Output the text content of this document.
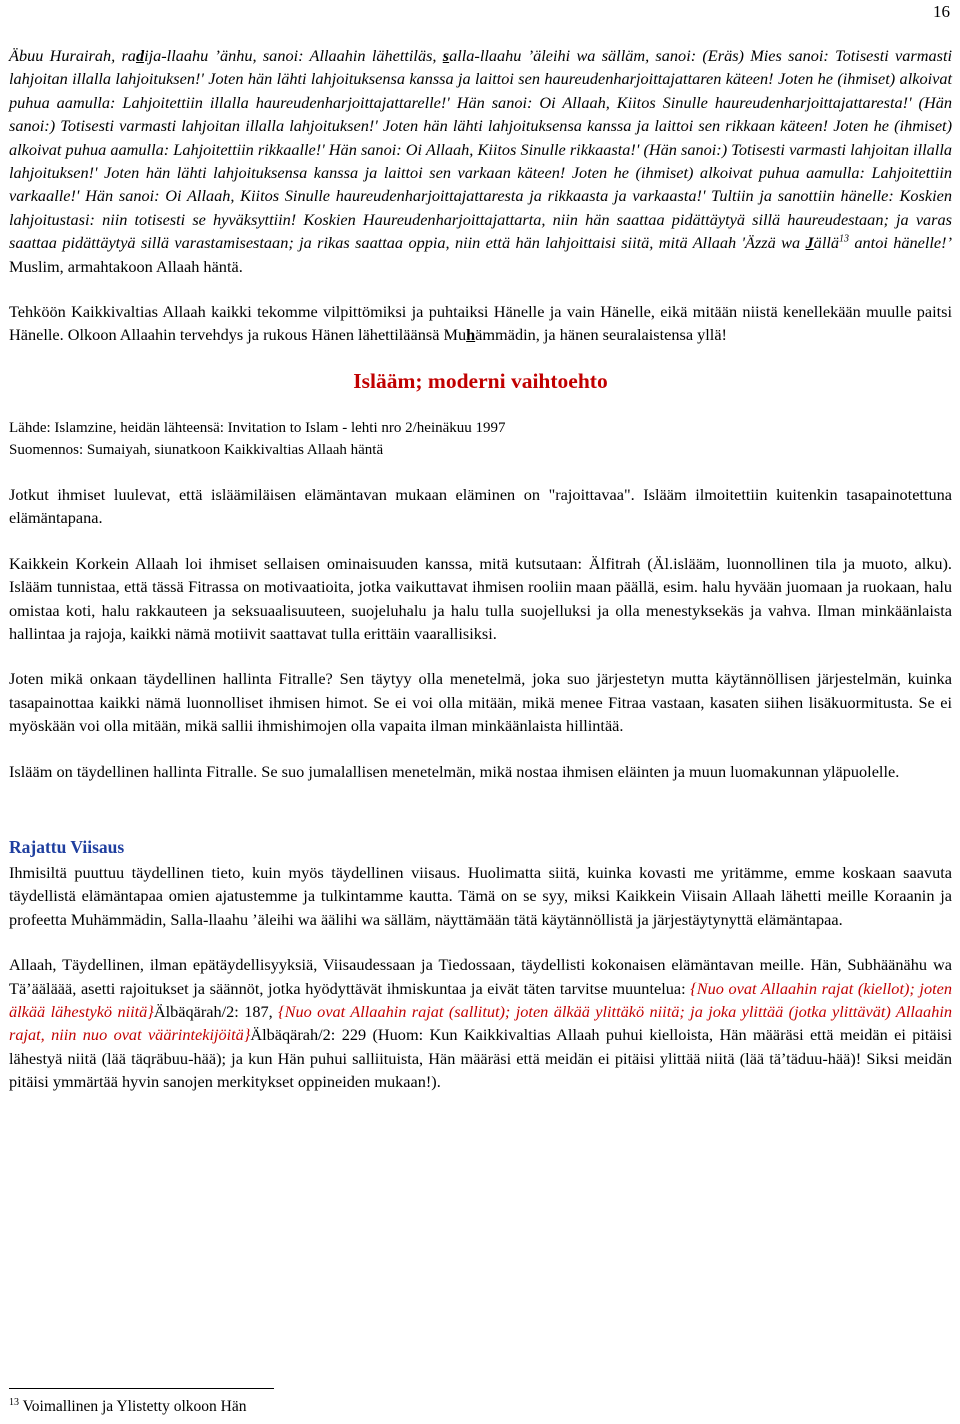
16

Äbuu Hurairah, radija-llaahu ’änhu, sanoi: Allaahin lähettiläs, salla-llaahu ’äleihi wa sälläm, sanoi: (Eräs) Mies sanoi: Totisesti varmasti lahjoitan illalla lahjoituksen!' Joten hän lähti lahjoituksensa kanssa ja laittoi sen haureudenharjoittajattaren käteen! Joten he (ihmiset) alkoivat puhua aamulla: Lahjoitettiin illalla haureudenharjoittajattarelle!' Hän sanoi: Oi Allaah, Kiitos Sinulle haureudenharjoittajattaresta!' (Hän sanoi:) Totisesti varmasti lahjoitan illalla lahjoituksen!' Joten hän lähti lahjoituksensa kanssa ja laittoi sen rikkaan käteen! Joten he (ihmiset) alkoivat puhua aamulla: Lahjoitettiin rikkaalle!' Hän sanoi: Oi Allaah, Kiitos Sinulle rikkaasta!' (Hän sanoi:) Totisesti varmasti lahjoitan illalla lahjoituksen!' Joten hän lähti lahjoituksensa kanssa ja laittoi sen varkaan käteen! Joten he (ihmiset) alkoivat puhua aamulla: Lahjoitettiin varkaalle!' Hän sanoi: Oi Allaah, Kiitos Sinulle haureudenharjoittajattaresta ja rikkaasta ja varkaasta!' Tultiin ja sanottiin hänelle: Koskien lahjoitustasi: niin totisesti se hyväksyttiin! Koskien Haureudenharjoittajattarta, niin hän saattaa pidättäytyä sillä haureudestaan; ja varas saattaa pidättäytyä sillä varastamisestaan; ja rikas saattaa oppia, niin että hän lahjoittaisi siitä, mitä Allaah 'Äzzä wa Jällä$^{13}$ antoi hänelle!’ Muslim, armahtakoon Allaah häntä.

Tehköön Kaikkivaltias Allaah kaikki tekomme vilpittömiksi ja puhtaiksi Hänelle ja vain Hänelle, eikä mitään niistä kenellekään muulle paitsi Hänelle. Olkoon Allaahin tervehdys ja rukous Hänen lähettiläänsä Muhämmädin, ja hänen seuralaistensa yllä!

Islääm; moderni vaihtoehto
Lähde: Islamzine, heidän lähteensä: Invitation to Islam - lehti nro 2/heinäkuu 1997
Suomennos: Sumaiyah, siunatkoon Kaikkivaltias Allaah häntä

Jotkut ihmiset luulevat, että isläämiläisen elämäntavan mukaan eläminen on "rajoittavaa". Islääm ilmoitettiin kuitenkin tasapainotettuna elämäntapana.

Kaikkein Korkein Allaah loi ihmiset sellaisen ominaisuuden kanssa, mitä kutsutaan: Älfitrah (Äl.islääm, luonnollinen tila ja muoto, alku). Islääm tunnistaa, että tässä Fitrassa on motivaatioita, jotka vaikuttavat ihmisen rooliin maan päällä, esim. halu hyvään juomaan ja ruokaan, halu omistaa koti, halu rakkauteen ja seksuaalisuuteen, suojeluhalu ja halu tulla suojelluksi ja olla menestyksekäs ja vahva. Ilman minkäänlaista hallintaa ja rajoja, kaikki nämä motiivit saattavat tulla erittäin vaarallisiksi.

Joten mikä onkaan täydellinen hallinta Fitralle? Sen täytyy olla menetelmä, joka suo järjestetyn mutta käytännöllisen järjestelmän, kuinka tasapainottaa kaikki nämä luonnolliset ihmisen himot. Se ei voi olla mitään, mikä menee Fitraa vastaan, kasaten siihen lisäkuormitusta. Se ei myöskään voi olla mitään, mikä sallii ihmishimojen olla vapaita ilman minkäänlaista hillintää.

Islääm on täydellinen hallinta Fitralle. Se suo jumalallisen menetelmän, mikä nostaa ihmisen eläinten ja muun luomakunnan yläpuolelle.

Rajattu Viisaus

Ihmisiltä puuttuu täydellinen tieto, kuin myös täydellinen viisaus. Huolimatta siitä, kuinka kovasti me yritämme, emme koskaan saavuta täydellistä elämäntapaa omien ajatustemme ja tulkintamme kautta. Tämä on se syy, miksi Kaikkein Viisain Allaah lähetti meille Koraanin ja profeetta Muhämmädin, Salla-llaahu ’äleihi wa äälihi wa sälläm, näyttämään tätä käytännöllistä ja järjestäytynyttä elämäntapaa.

Allaah, Täydellinen, ilman epätäydellisyyksiä, Viisaudessaan ja Tiedossaan, täydellisti kokonaisen elämäntavan meille. Hän, Subhäänähu wa Tä’ääläää, asetti rajoitukset ja säännöt, jotka hyödyttävät ihmiskuntaa ja eivät täten tarvitse muuntelua: {Nuo ovat Allaahin rajat (kiellot); joten älkää lähestykö niitä}Älbäqärah/2: 187, {Nuo ovat Allaahin rajat (sallitut); joten älkää ylittäkö niitä; ja joka ylittää (jotka ylittävät) Allaahin rajat, niin nuo ovat väärintekijöitä}Älbäqärah/2: 229 (Huom: Kun Kaikkivaltias Allaah puhui kielloista, Hän määräsi että meidän ei pitäisi lähestyä niitä (lää täqräbuu-hää); ja kun Hän puhui salliituista, Hän määräsi että meidän ei pitäisi ylittää niitä (lää tä’täduu-hää)! Siksi meidän pitäisi ymmärtää hyvin sanojen merkitykset oppineiden mukaan!).

$^{13}$ Voimallinen ja Ylistetty olkoon Hän
